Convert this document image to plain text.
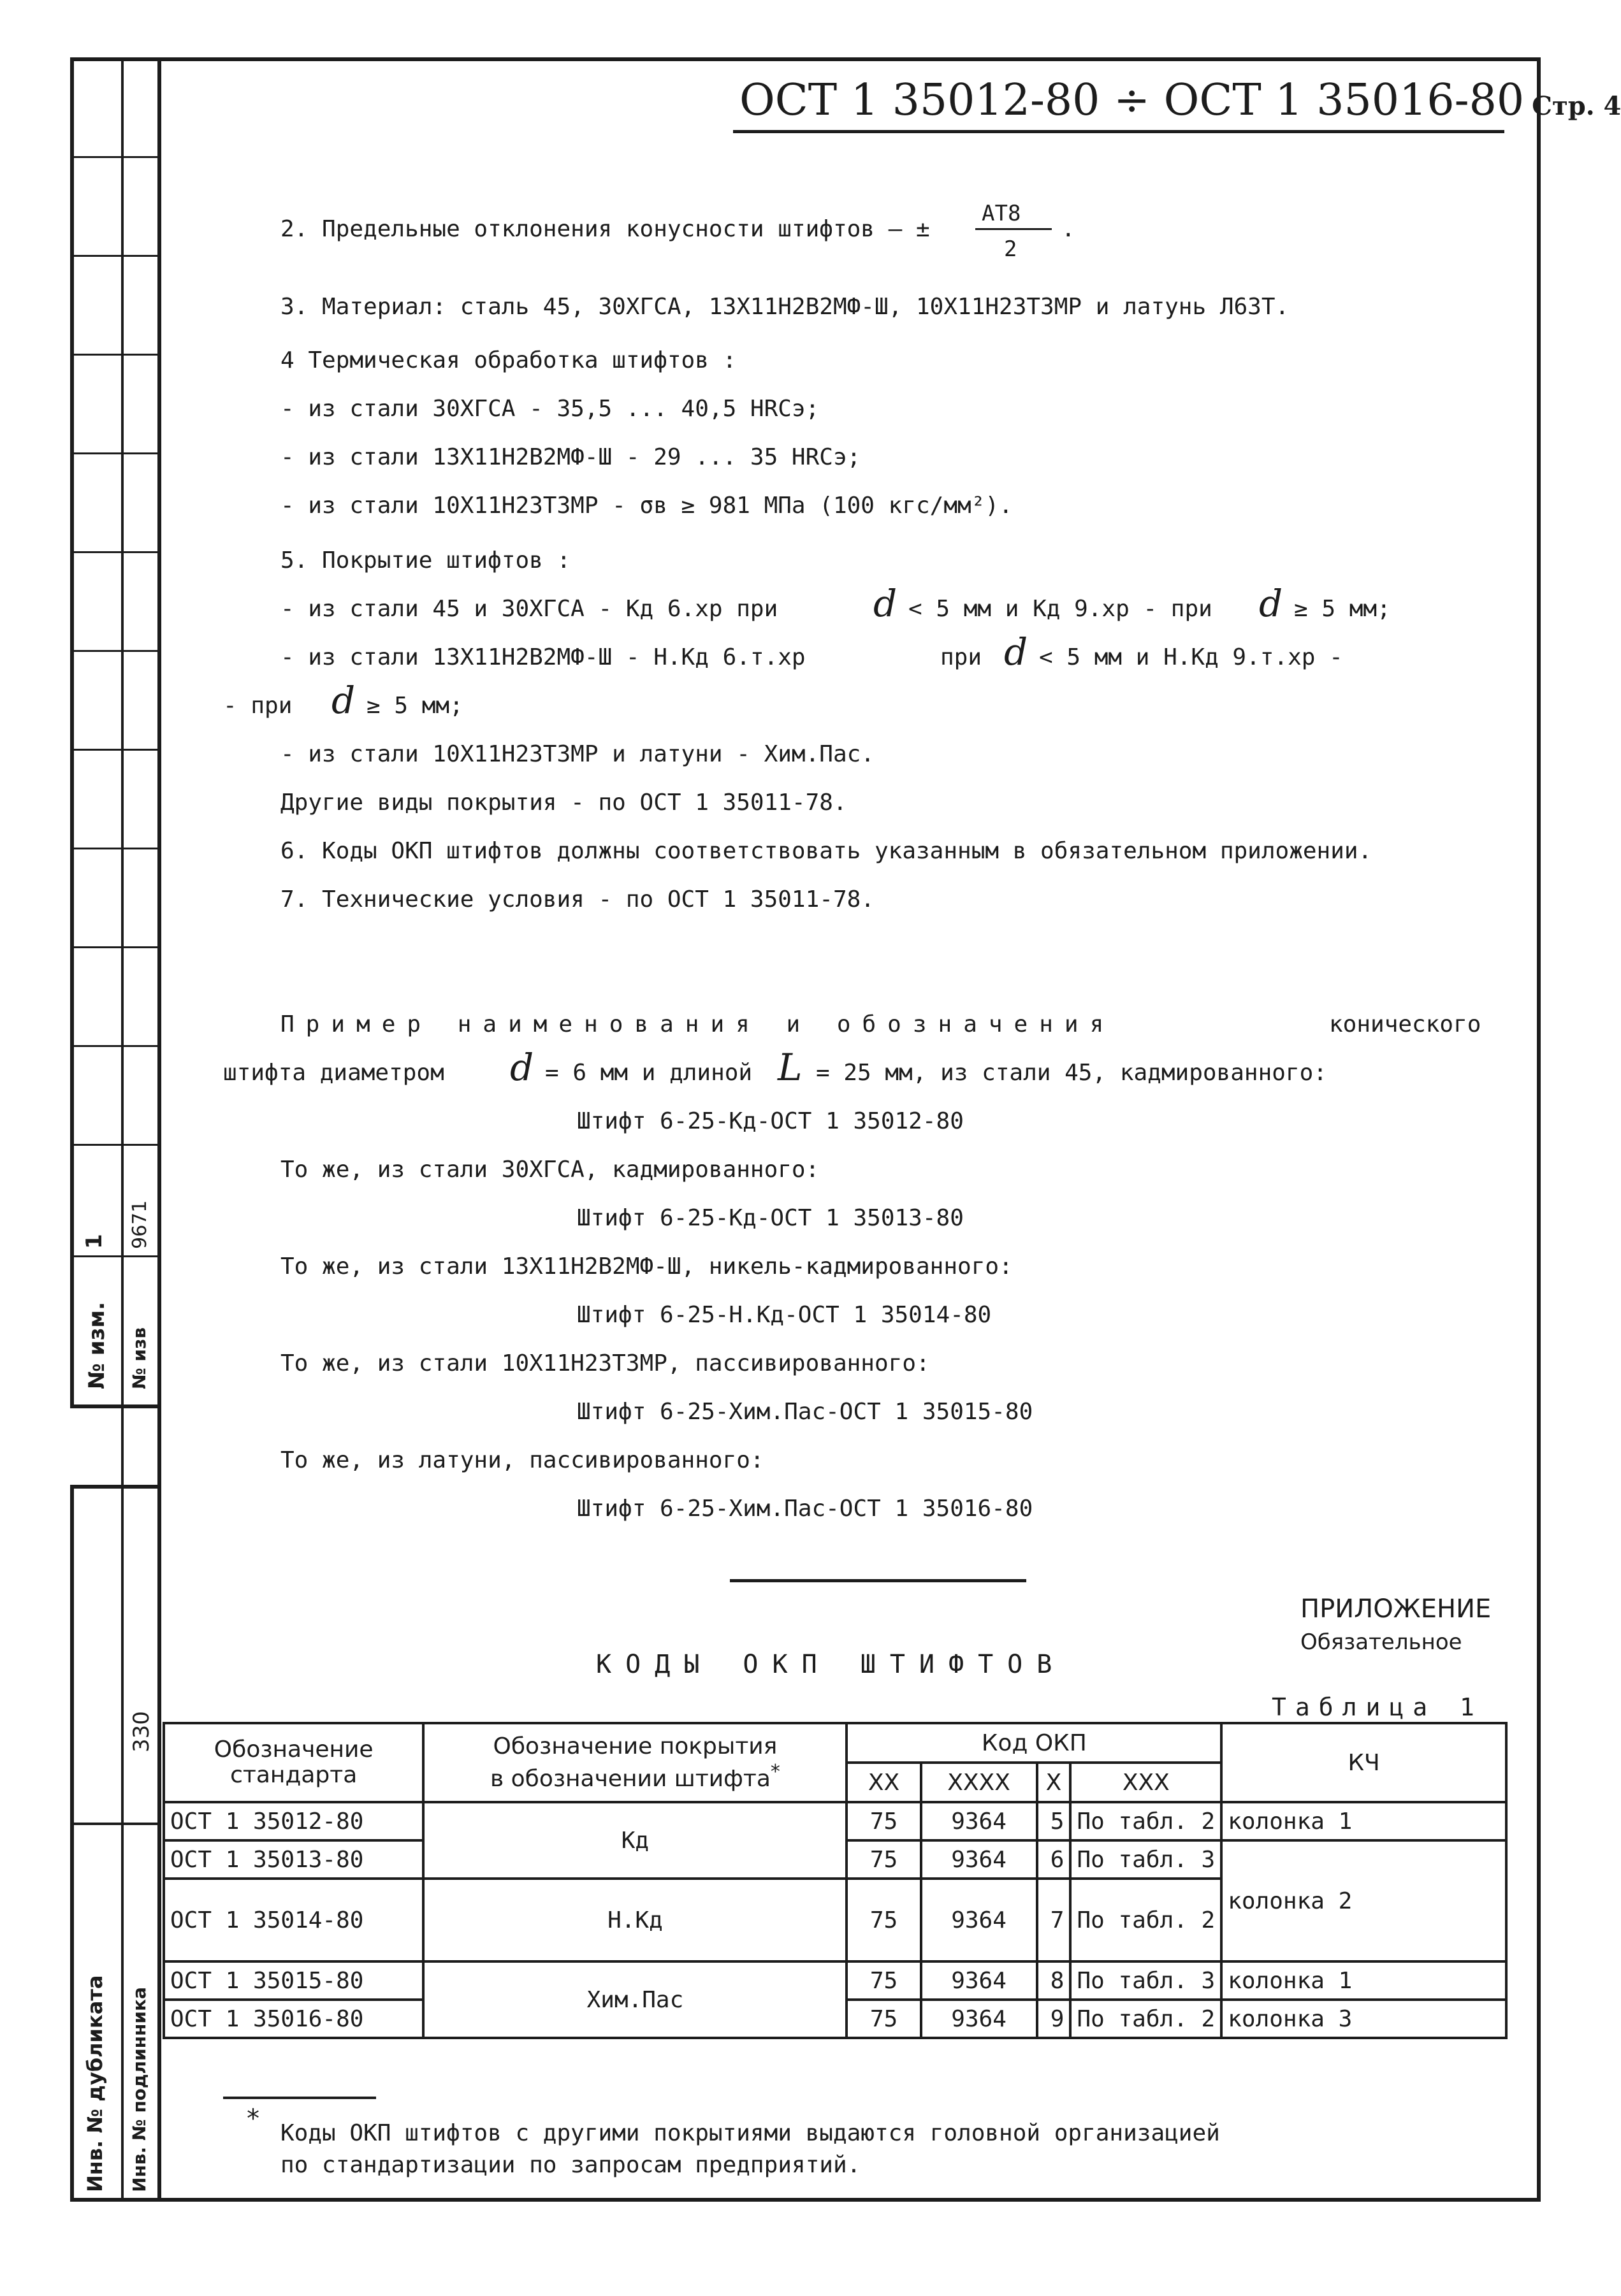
1
№ изм.
9671
№ изв
330
Инв. № дубликата Инв. № подлинника
ОСТ 1 35012-80 ÷ ОСТ 1 35016-80 Стр. 4
2. Предельные отклонения конусности штифтов – ±
АТ8
2
.
3. Материал: сталь 45, 30ХГСА, 13Х11Н2В2МФ-Ш, 10Х11Н23Т3МР и латунь Л63Т.
4 Термическая обработка штифтов :
- из стали 30ХГСА - 35,5 ... 40,5 HRCэ;
- из стали 13Х11Н2В2МФ-Ш - 29 ... 35 HRCэ;
- из стали 10Х11Н23Т3МР - σв ≥ 981 МПа (100 кгс/мм²).
5. Покрытие штифтов :
- из стали 45 и 30ХГСА - Кд 6.хр при	d < 5 мм и Кд 9.хр - при d ≥ 5 мм;
- из стали 13Х11Н2В2МФ-Ш - Н.Кд 6.т.хр	при d < 5 мм и Н.Кд 9.т.хр -
- при d ≥ 5 мм;
- из стали 10Х11Н23Т3МР и латуни - Хим.Пас.
Другие виды покрытия - по ОСТ 1 35011-78.
6. Коды ОКП штифтов должны соответствовать указанным в обязательном приложении.
7. Технические условия - по ОСТ 1 35011-78.
Пример наименования и обозначения	конического
штифта диаметром d = 6 мм и длиной L = 25 мм, из стали 45, кадмированного:
Штифт 6-25-Кд-ОСТ 1 35012-80
То же, из стали 30ХГСА, кадмированного:
Штифт 6-25-Кд-ОСТ 1 35013-80
То же, из стали 13Х11Н2В2МФ-Ш, никель-кадмированного:
Штифт 6-25-Н.Кд-ОСТ 1 35014-80
То же, из стали 10Х11Н23Т3МР, пассивированного:
Штифт 6-25-Хим.Пас-ОСТ 1 35015-80
То же, из латуни, пассивированного:
Штифт 6-25-Хим.Пас-ОСТ 1 35016-80
ПРИЛОЖЕНИЕ
Обязательное
КОДЫ ОКП ШТИФТОВ
Таблица 1
Обозначение стандарта	Обозначение покрытия
в обозначении штифта*	Код ОКП				КЧ
		ХХ	ХХХХ	Х	ХХХ	
ОСТ 1 35012-80	Кд	75	9364	5	По табл. 2	колонка 1
ОСТ 1 35013-80		75	9364	6	По табл. 3	колонка 2
ОСТ 1 35014-80	Н.Кд	75	9364	7	По табл. 2	
ОСТ 1 35015-80	Хим.Пас	75	9364	8	По табл. 3	колонка 1
ОСТ 1 35016-80		75	9364	9	По табл. 2	колонка 3
* Коды ОКП штифтов с другими покрытиями выдаются головной организацией
по стандартизации по запросам предприятий.
